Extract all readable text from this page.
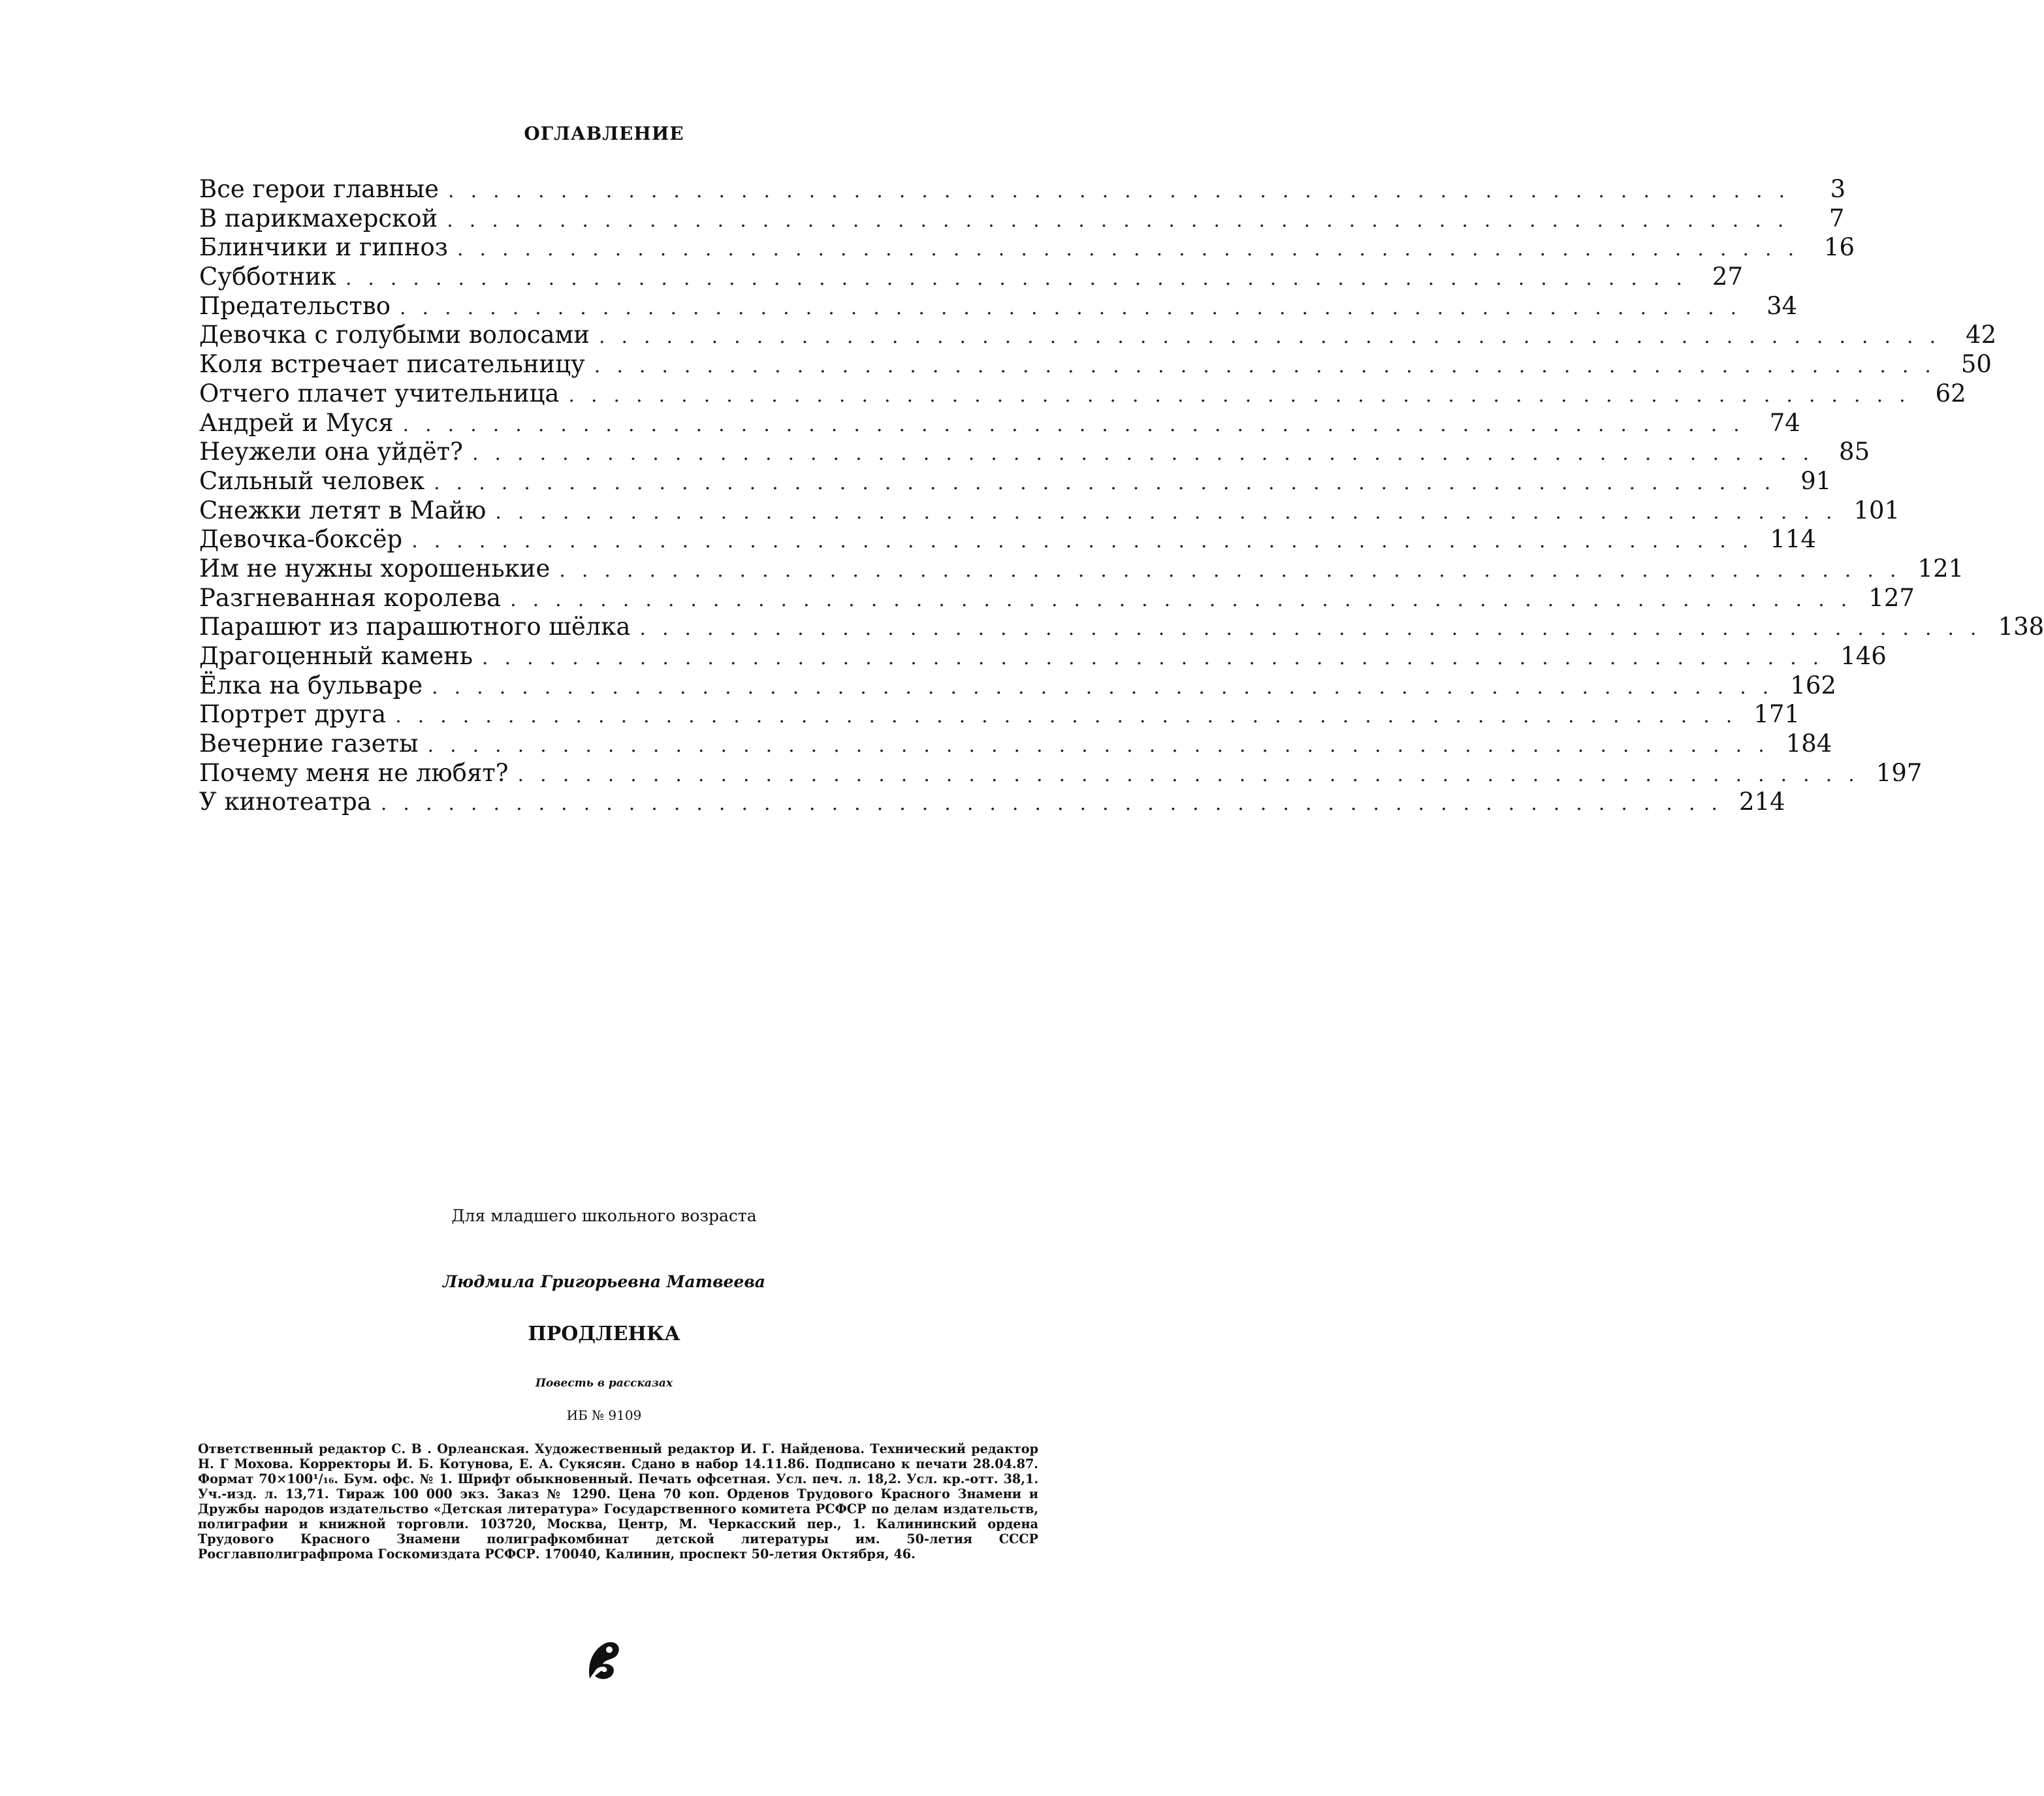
ОГЛАВЛЕНИЕ
Все герои главные ............................................................	3
В парикмахерской ............................................................	7
Блинчики и гипноз ............................................................ 16
Субботник ............................................................ 27
Предательство ............................................................ 34
Девочка с голубыми волосами ............................................................ 42
Коля встречает писательницу ............................................................ 50
Отчего плачет учительница ............................................................ 62
Андрей и Муся ............................................................ 74
Неужели она уйдёт? ............................................................ 85
Сильный человек ............................................................ 91
Снежки летят в Майю ............................................................ 101
Девочка-боксёр ............................................................ 114
Им не нужны хорошенькие ............................................................ 121
Разгневанная королева ............................................................ 127
Парашют из парашютного шёлка ............................................................ 138
Драгоценный камень ............................................................ 146
Ёлка на бульваре ............................................................ 162
Портрет друга ............................................................ 171
Вечерние газеты ............................................................ 184
Почему меня не любят? ............................................................ 197
У кинотеатра ............................................................ 214
Для младшего школьного возраста
Людмила Григорьевна Матвеева
ПРОДЛЕНКА
Повесть в рассказах
ИБ № 9109

Ответственный редактор С. В . Орлеанская. Художественный редактор И. Г. Найденова. Технический редактор Н. Г Мохова. Корректоры И. Б. Котунова, Е. А. Сукясян. Сдано в набор 14.11.86. Подписано к печати 28.04.87. Формат 70×100¹/₁₆. Бум. офс. № 1. Шрифт обыкновенный. Печать офсетная. Усл. печ. л. 18,2. Усл. кр.-отт. 38,1. Уч.-изд. л. 13,71. Тираж 100 000 экз. Заказ № 1290. Цена 70 коп. Орденов Трудового Красного Знамени и Дружбы народов издательство «Детская литература» Государственного комитета РСФСР по делам издательств, полиграфии и книжной торговли. 103720, Москва, Центр, М. Черкасский пер., 1. Калининский ордена Трудового Красного Знамени полиграфкомбинат детской литературы им. 50-летия СССР Росглавполиграфпрома Госкомиздата РСФСР. 170040, Калинин, проспект 50-летия Октября, 46.
